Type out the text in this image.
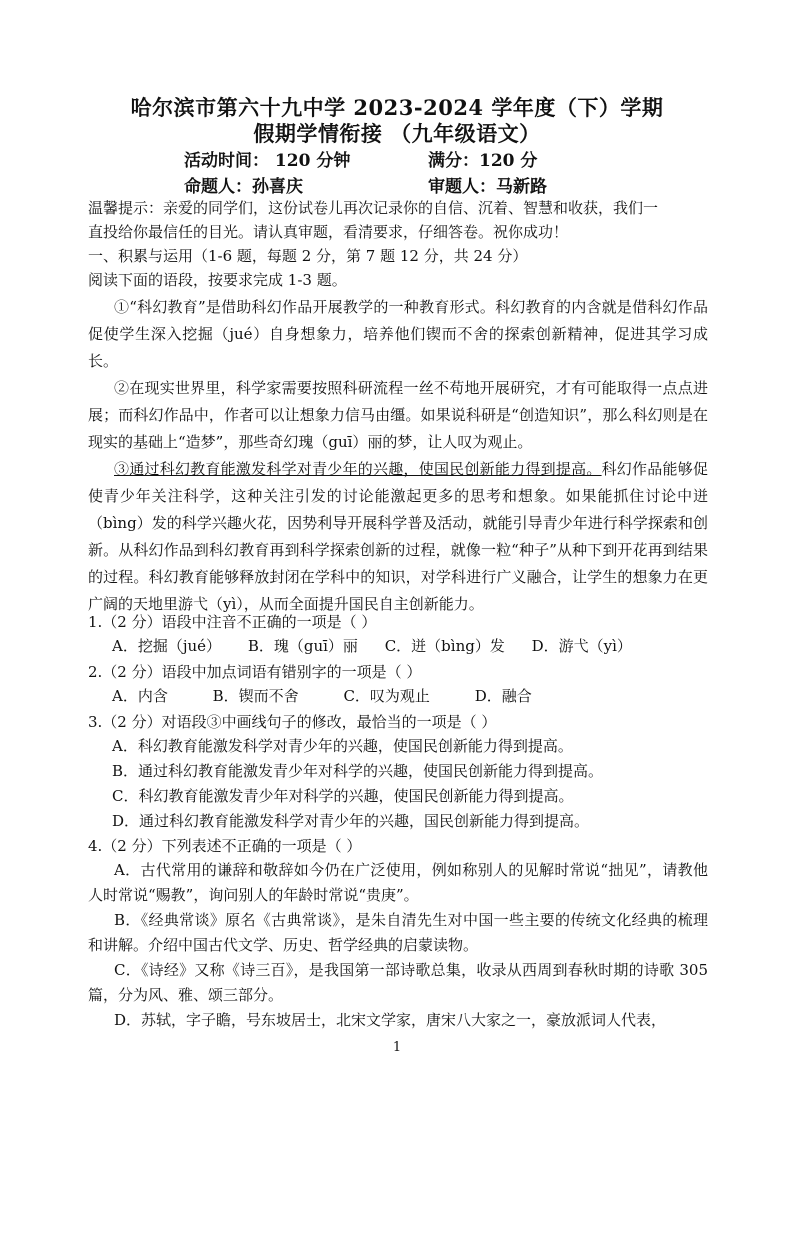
哈尔滨市第六十九中学 2023-2024 学年度（下）学期
假期学情衔接 （九年级语文）
活动时间： 120 分钟	满分：120 分
命题人：孙喜庆	审题人：马新路
温馨提示：亲爱的同学们，这份试卷儿再次记录你的自信、沉着、智慧和收获，我们一
直投给你最信任的目光。请认真审题，看清要求，仔细答卷。祝你成功！
一、积累与运用（1-6 题，每题 2 分，第 7 题 12 分，共 24 分）
阅读下面的语段，按要求完成 1-3 题。

①“科幻教育”是借助科幻作品开展教学的一种教育形式。科幻教育的内含就是借科幻作品促使学生深入挖掘（jué）自身想象力，培养他们锲而不舍的探索创新精神，促进其学习成长。

②在现实世界里，科学家需要按照科研流程一丝不苟地开展研究，才有可能取得一点点进展；而科幻作品中，作者可以让想象力信马由缰。如果说科研是“创造知识”，那么科幻则是在现实的基础上“造梦”，那些奇幻瑰（guī）丽的梦，让人叹为观止。

③通过科幻教育能激发科学对青少年的兴趣，使国民创新能力得到提高。科幻作品能够促使青少年关注科学，这种关注引发的讨论能激起更多的思考和想象。如果能抓住讨论中迸（bìng）发的科学兴趣火花，因势利导开展科学普及活动，就能引导青少年进行科学探索和创新。从科幻作品到科幻教育再到科学探索创新的过程，就像一粒“种子”从种下到开花再到结果的过程。科幻教育能够释放封闭在学科中的知识，对学科进行广义融合，让学生的想象力在更广阔的天地里游弋（yì），从而全面提升国民自主创新能力。

1.（2 分）语段中注音不正确的一项是（ ）
A．挖掘（jué） B．瑰（guī）丽 C．迸（bìng）发 D．游弋（yì）
2.（2 分）语段中加点词语有错别字的一项是（ ）
A．内含	B．锲而不舍	C．叹为观止	D．融合
3.（2 分）对语段③中画线句子的修改，最恰当的一项是（ ）
A．科幻教育能激发科学对青少年的兴趣，使国民创新能力得到提高。
B．通过科幻教育能激发青少年对科学的兴趣，使国民创新能力得到提高。
C．科幻教育能激发青少年对科学的兴趣，使国民创新能力得到提高。
D．通过科幻教育能激发科学对青少年的兴趣，国民创新能力得到提高。
4.（2 分）下列表述不正确的一项是（ ）

A．古代常用的谦辞和敬辞如今仍在广泛使用，例如称别人的见解时常说“拙见”，请教他人时常说“赐教”，询问别人的年龄时常说“贵庚”。

B．《经典常谈》原名《古典常谈》，是朱自清先生对中国一些主要的传统文化经典的梳理和讲解。介绍中国古代文学、历史、哲学经典的启蒙读物。

C．《诗经》又称《诗三百》，是我国第一部诗歌总集，收录从西周到春秋时期的诗歌 305 篇，分为风、雅、颂三部分。

D．苏轼，字子瞻，号东坡居士，北宋文学家，唐宋八大家之一，豪放派词人代表，

1
